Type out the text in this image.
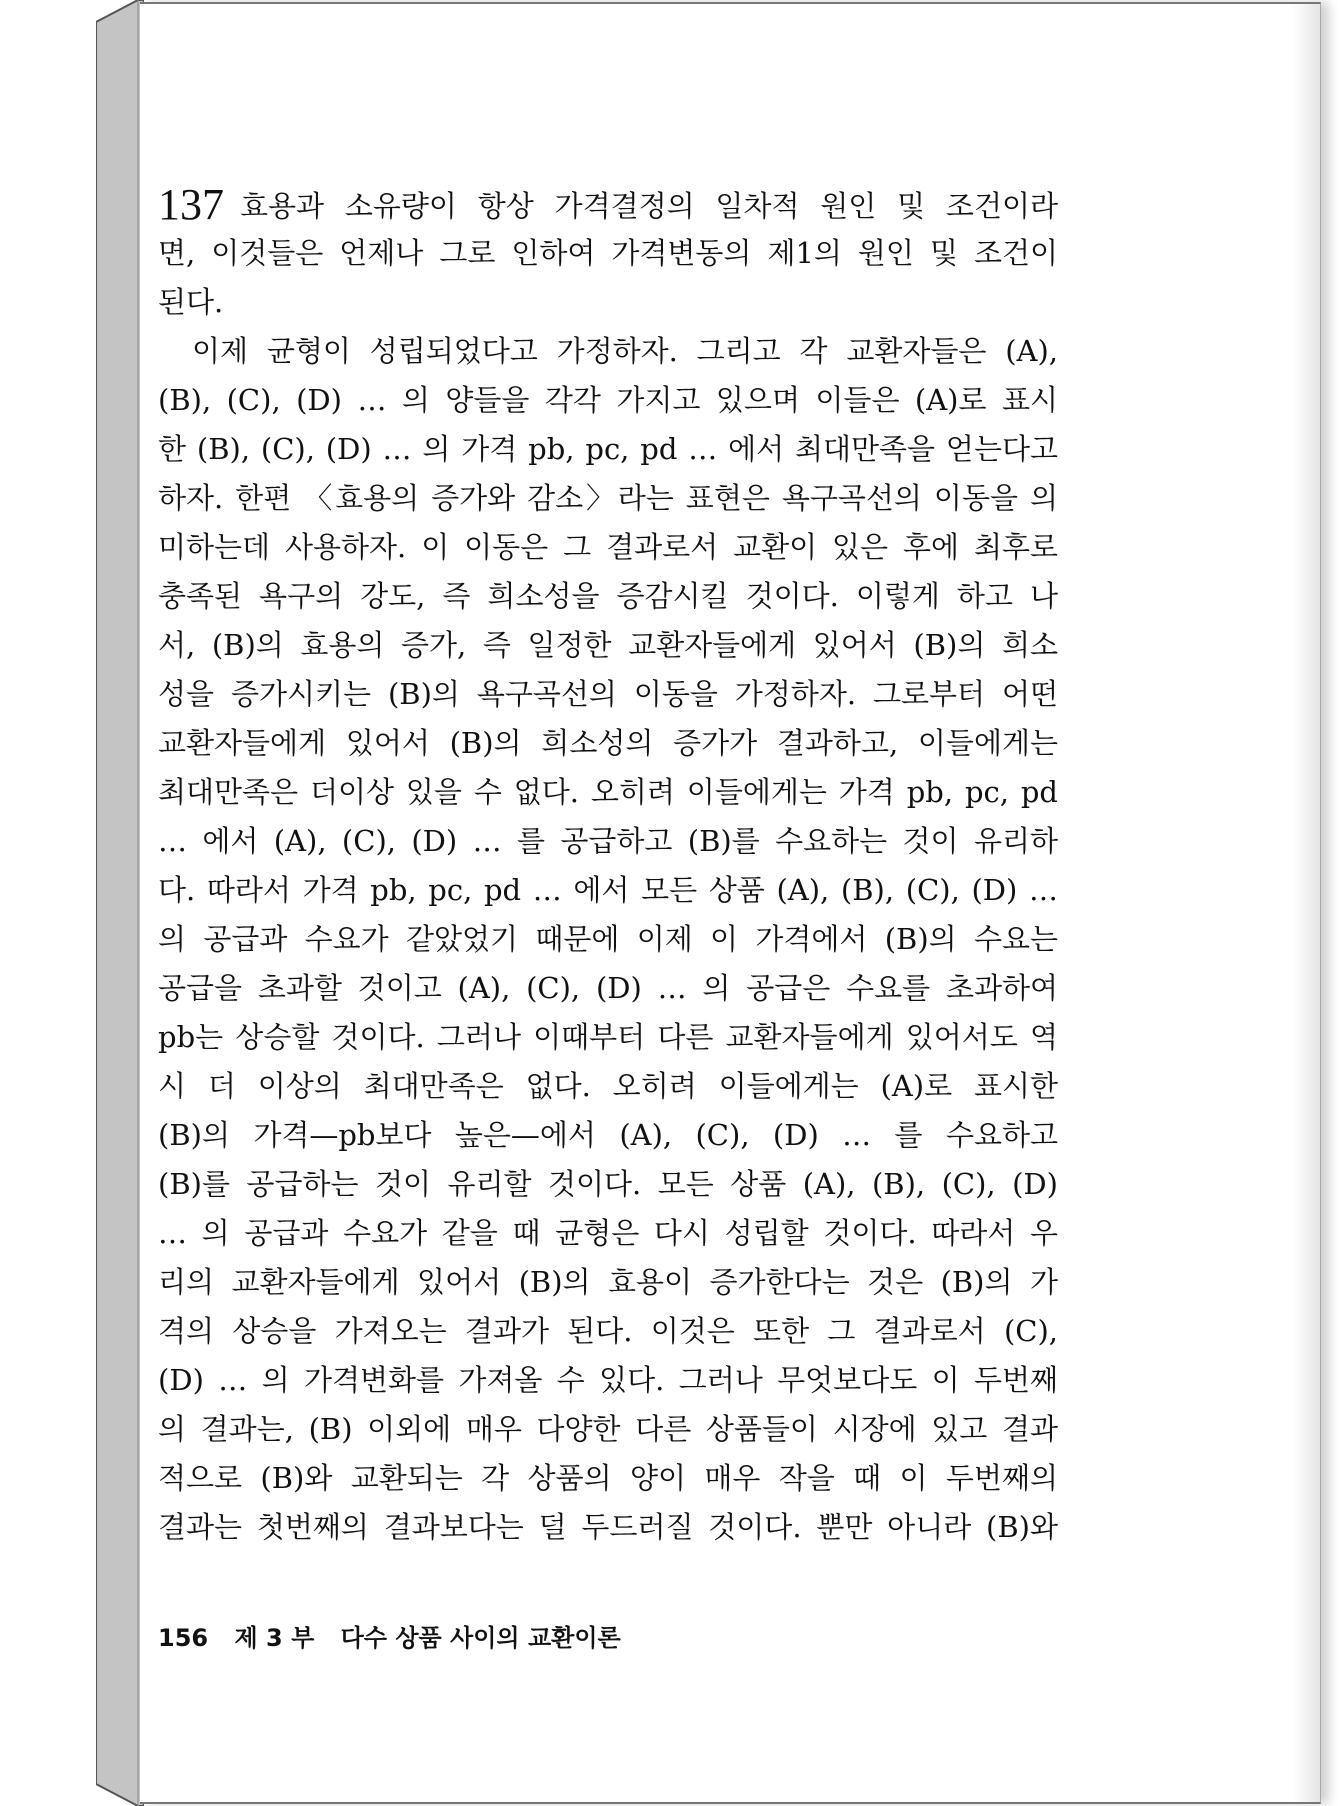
137 효용과 소유량이 항상 가격결정의 일차적 원인 및 조건이라
면, 이것들은 언제나 그로 인하여 가격변동의 제1의 원인 및 조건이
된다.
이제 균형이 성립되었다고 가정하자. 그리고 각 교환자들은 (A),
(B), (C), (D) … 의 양들을 각각 가지고 있으며 이들은 (A)로 표시
한 (B), (C), (D) … 의 가격 pb, pc, pd … 에서 최대만족을 얻는다고
하자. 한편 〈효용의 증가와 감소〉라는 표현은 욕구곡선의 이동을 의
미하는데 사용하자. 이 이동은 그 결과로서 교환이 있은 후에 최후로
충족된 욕구의 강도, 즉 희소성을 증감시킬 것이다. 이렇게 하고 나
서, (B)의 효용의 증가, 즉 일정한 교환자들에게 있어서 (B)의 희소
성을 증가시키는 (B)의 욕구곡선의 이동을 가정하자. 그로부터 어떤
교환자들에게 있어서 (B)의 희소성의 증가가 결과하고, 이들에게는
최대만족은 더이상 있을 수 없다. 오히려 이들에게는 가격 pb, pc, pd
… 에서 (A), (C), (D) … 를 공급하고 (B)를 수요하는 것이 유리하
다. 따라서 가격 pb, pc, pd … 에서 모든 상품 (A), (B), (C), (D) …
의 공급과 수요가 같았었기 때문에 이제 이 가격에서 (B)의 수요는
공급을 초과할 것이고 (A), (C), (D) … 의 공급은 수요를 초과하여
pb는 상승할 것이다. 그러나 이때부터 다른 교환자들에게 있어서도 역
시 더 이상의 최대만족은 없다. 오히려 이들에게는 (A)로 표시한
(B)의 가격—pb보다 높은—에서 (A), (C), (D) … 를 수요하고
(B)를 공급하는 것이 유리할 것이다. 모든 상품 (A), (B), (C), (D)
… 의 공급과 수요가 같을 때 균형은 다시 성립할 것이다. 따라서 우
리의 교환자들에게 있어서 (B)의 효용이 증가한다는 것은 (B)의 가
격의 상승을 가져오는 결과가 된다. 이것은 또한 그 결과로서 (C),
(D) … 의 가격변화를 가져올 수 있다. 그러나 무엇보다도 이 두번째
의 결과는, (B) 이외에 매우 다양한 다른 상품들이 시장에 있고 결과
적으로 (B)와 교환되는 각 상품의 양이 매우 작을 때 이 두번째의
결과는 첫번째의 결과보다는 덜 두드러질 것이다. 뿐만 아니라 (B)와
156 제 3 부 다수 상품 사이의 교환이론
